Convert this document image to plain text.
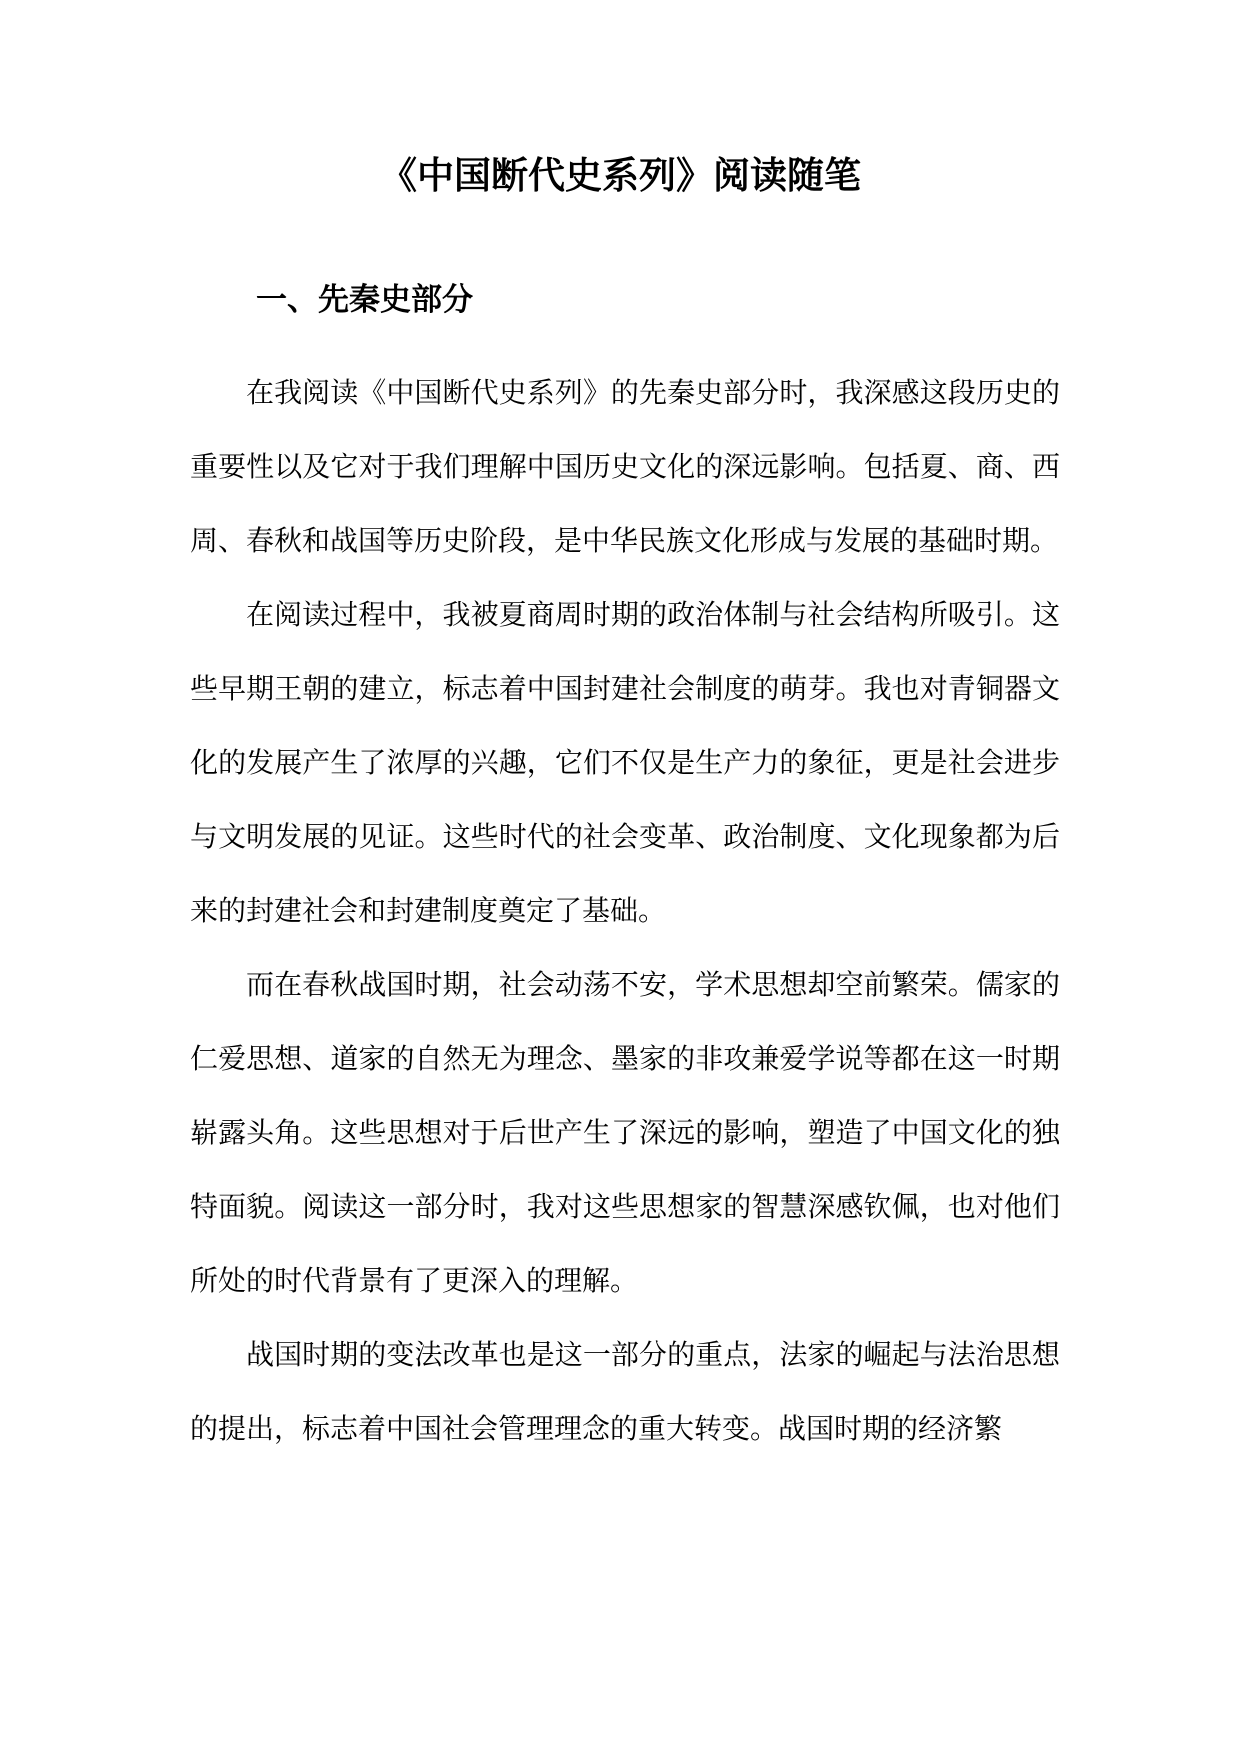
《中国断代史系列》阅读随笔
一、先秦史部分

在我阅读《中国断代史系列》的先秦史部分时，我深感这段历史的重要性以及它对于我们理解中国历史文化的深远影响。包括夏、商、西周、春秋和战国等历史阶段，是中华民族文化形成与发展的基础时期。

在阅读过程中，我被夏商周时期的政治体制与社会结构所吸引。这些早期王朝的建立，标志着中国封建社会制度的萌芽。我也对青铜器文化的发展产生了浓厚的兴趣，它们不仅是生产力的象征，更是社会进步与文明发展的见证。这些时代的社会变革、政治制度、文化现象都为后来的封建社会和封建制度奠定了基础。

而在春秋战国时期，社会动荡不安，学术思想却空前繁荣。儒家的仁爱思想、道家的自然无为理念、墨家的非攻兼爱学说等都在这一时期崭露头角。这些思想对于后世产生了深远的影响，塑造了中国文化的独特面貌。阅读这一部分时，我对这些思想家的智慧深感钦佩，也对他们所处的时代背景有了更深入的理解。

战国时期的变法改革也是这一部分的重点，法家的崛起与法治思想的提出，标志着中国社会管理理念的重大转变。战国时期的经济繁
